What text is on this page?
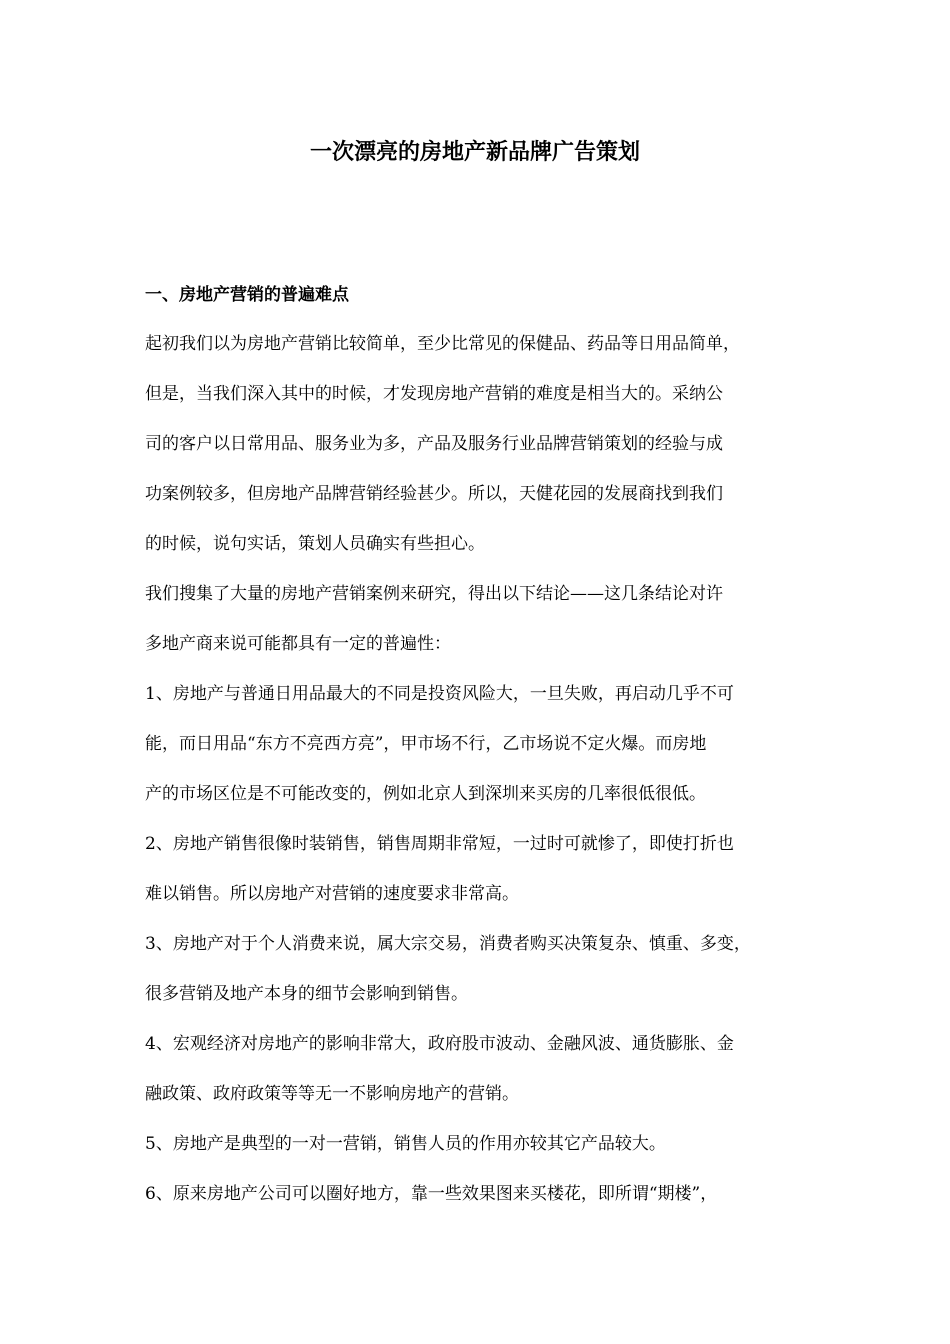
一次漂亮的房地产新品牌广告策划
一、房地产营销的普遍难点
起初我们以为房地产营销比较简单，至少比常见的保健品、药品等日用品简单，
但是，当我们深入其中的时候，才发现房地产营销的难度是相当大的。采纳公
司的客户以日常用品、服务业为多，产品及服务行业品牌营销策划的经验与成
功案例较多，但房地产品牌营销经验甚少。所以，天健花园的发展商找到我们
的时候，说句实话，策划人员确实有些担心。
我们搜集了大量的房地产营销案例来研究，得出以下结论——这几条结论对许
多地产商来说可能都具有一定的普遍性：
1、房地产与普通日用品最大的不同是投资风险大，一旦失败，再启动几乎不可
能，而日用品“东方不亮西方亮”，甲市场不行，乙市场说不定火爆。而房地
产的市场区位是不可能改变的，例如北京人到深圳来买房的几率很低很低。
2、房地产销售很像时装销售，销售周期非常短，一过时可就惨了，即使打折也
难以销售。所以房地产对营销的速度要求非常高。
3、房地产对于个人消费来说，属大宗交易，消费者购买决策复杂、慎重、多变，
很多营销及地产本身的细节会影响到销售。
4、宏观经济对房地产的影响非常大，政府股市波动、金融风波、通货膨胀、金
融政策、政府政策等等无一不影响房地产的营销。
5、房地产是典型的一对一营销，销售人员的作用亦较其它产品较大。
6、原来房地产公司可以圈好地方，靠一些效果图来买楼花，即所谓“期楼”，
